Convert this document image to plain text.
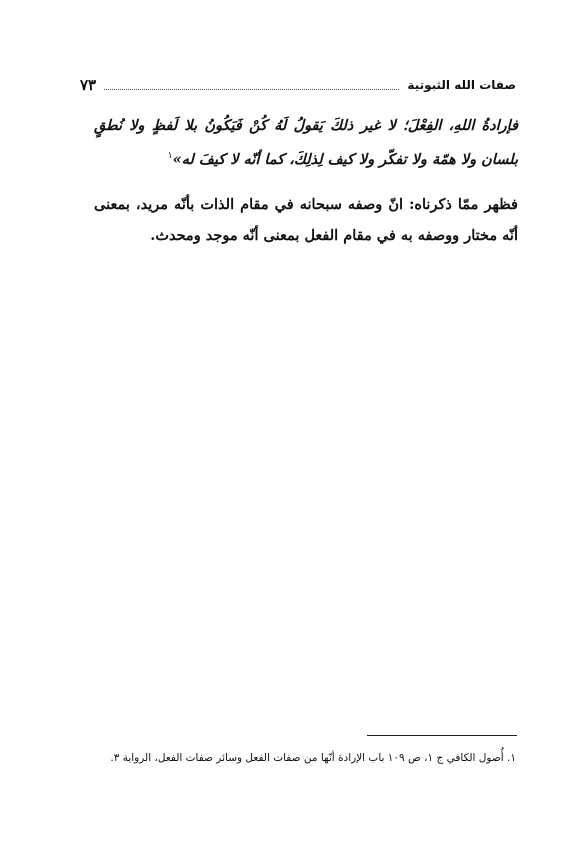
صفات الله الثبوتية
٧٣

فإرادةُ اللهِ، الفِعْلَ؛ لا غير ذلكَ يَقولُ لَهُ كُنْ فَيَكُونُ بلا لَفظٍ ولا نُطقٍ بلسان ولا همّة ولا تفكّر ولا كيف لِذلِكَ، كما أنّه لا كيفَ له»$^١$

فظهر ممّا ذكرناه: انّ وصفه سبحانه في مقام الذات بأنّه مريد، بمعنى أنّه مختار ووصفه به في مقام الفعل بمعنى أنّه موجد ومحدث.

١. أُصول الكافي ج ١، ص ١٠٩ باب الإرادة أنّها من صفات الفعل وسائر صفات الفعل، الرواية ٣.
